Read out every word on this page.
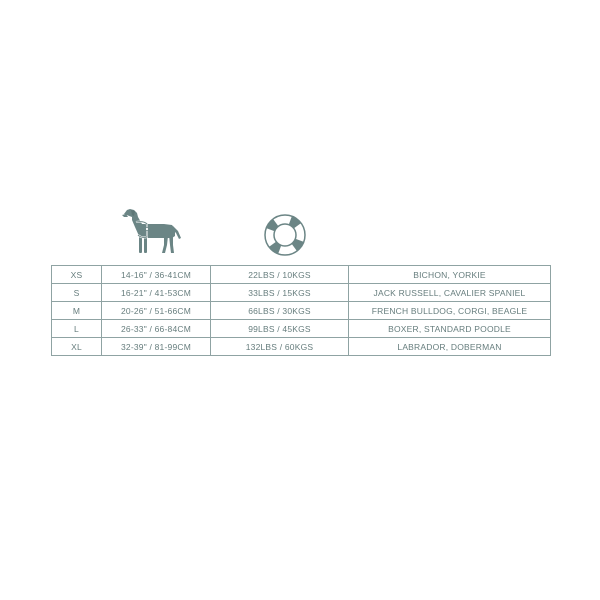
XS	14-16" / 36-41CM	22LBS / 10KGS	BICHON, YORKIE
S	16-21" / 41-53CM	33LBS / 15KGS	JACK RUSSELL, CAVALIER SPANIEL
M	20-26" / 51-66CM	66LBS / 30KGS	FRENCH BULLDOG, CORGI, BEAGLE
L	26-33" / 66-84CM	99LBS / 45KGS	BOXER, STANDARD POODLE
XL	32-39" / 81-99CM	132LBS / 60KGS	LABRADOR, DOBERMAN
